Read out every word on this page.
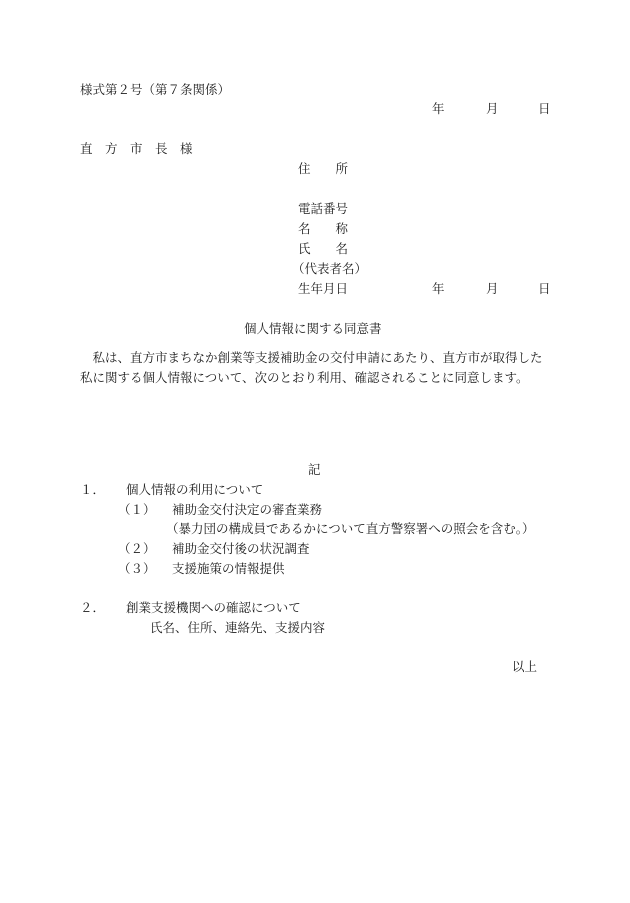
様式第２号（第７条関係）
年	月	日
直　方　市　長　様
住　　所
電話番号
名　　称
氏　　名
（代表者名）
生年月日	年	月	日
個人情報に関する同意書
　私は、直方市まちなか創業等支援補助金の交付申請にあたり、直方市が取得した私に関する個人情報について、次のとおり利用、確認されることに同意します。
記
１． 個人情報の利用について
（１） 補助金交付決定の審査業務
（暴力団の構成員であるかについて直方警察署への照会を含む。）
（２） 補助金交付後の状況調査
（３） 支援施策の情報提供
２． 創業支援機関への確認について
氏名、住所、連絡先、支援内容
以上
